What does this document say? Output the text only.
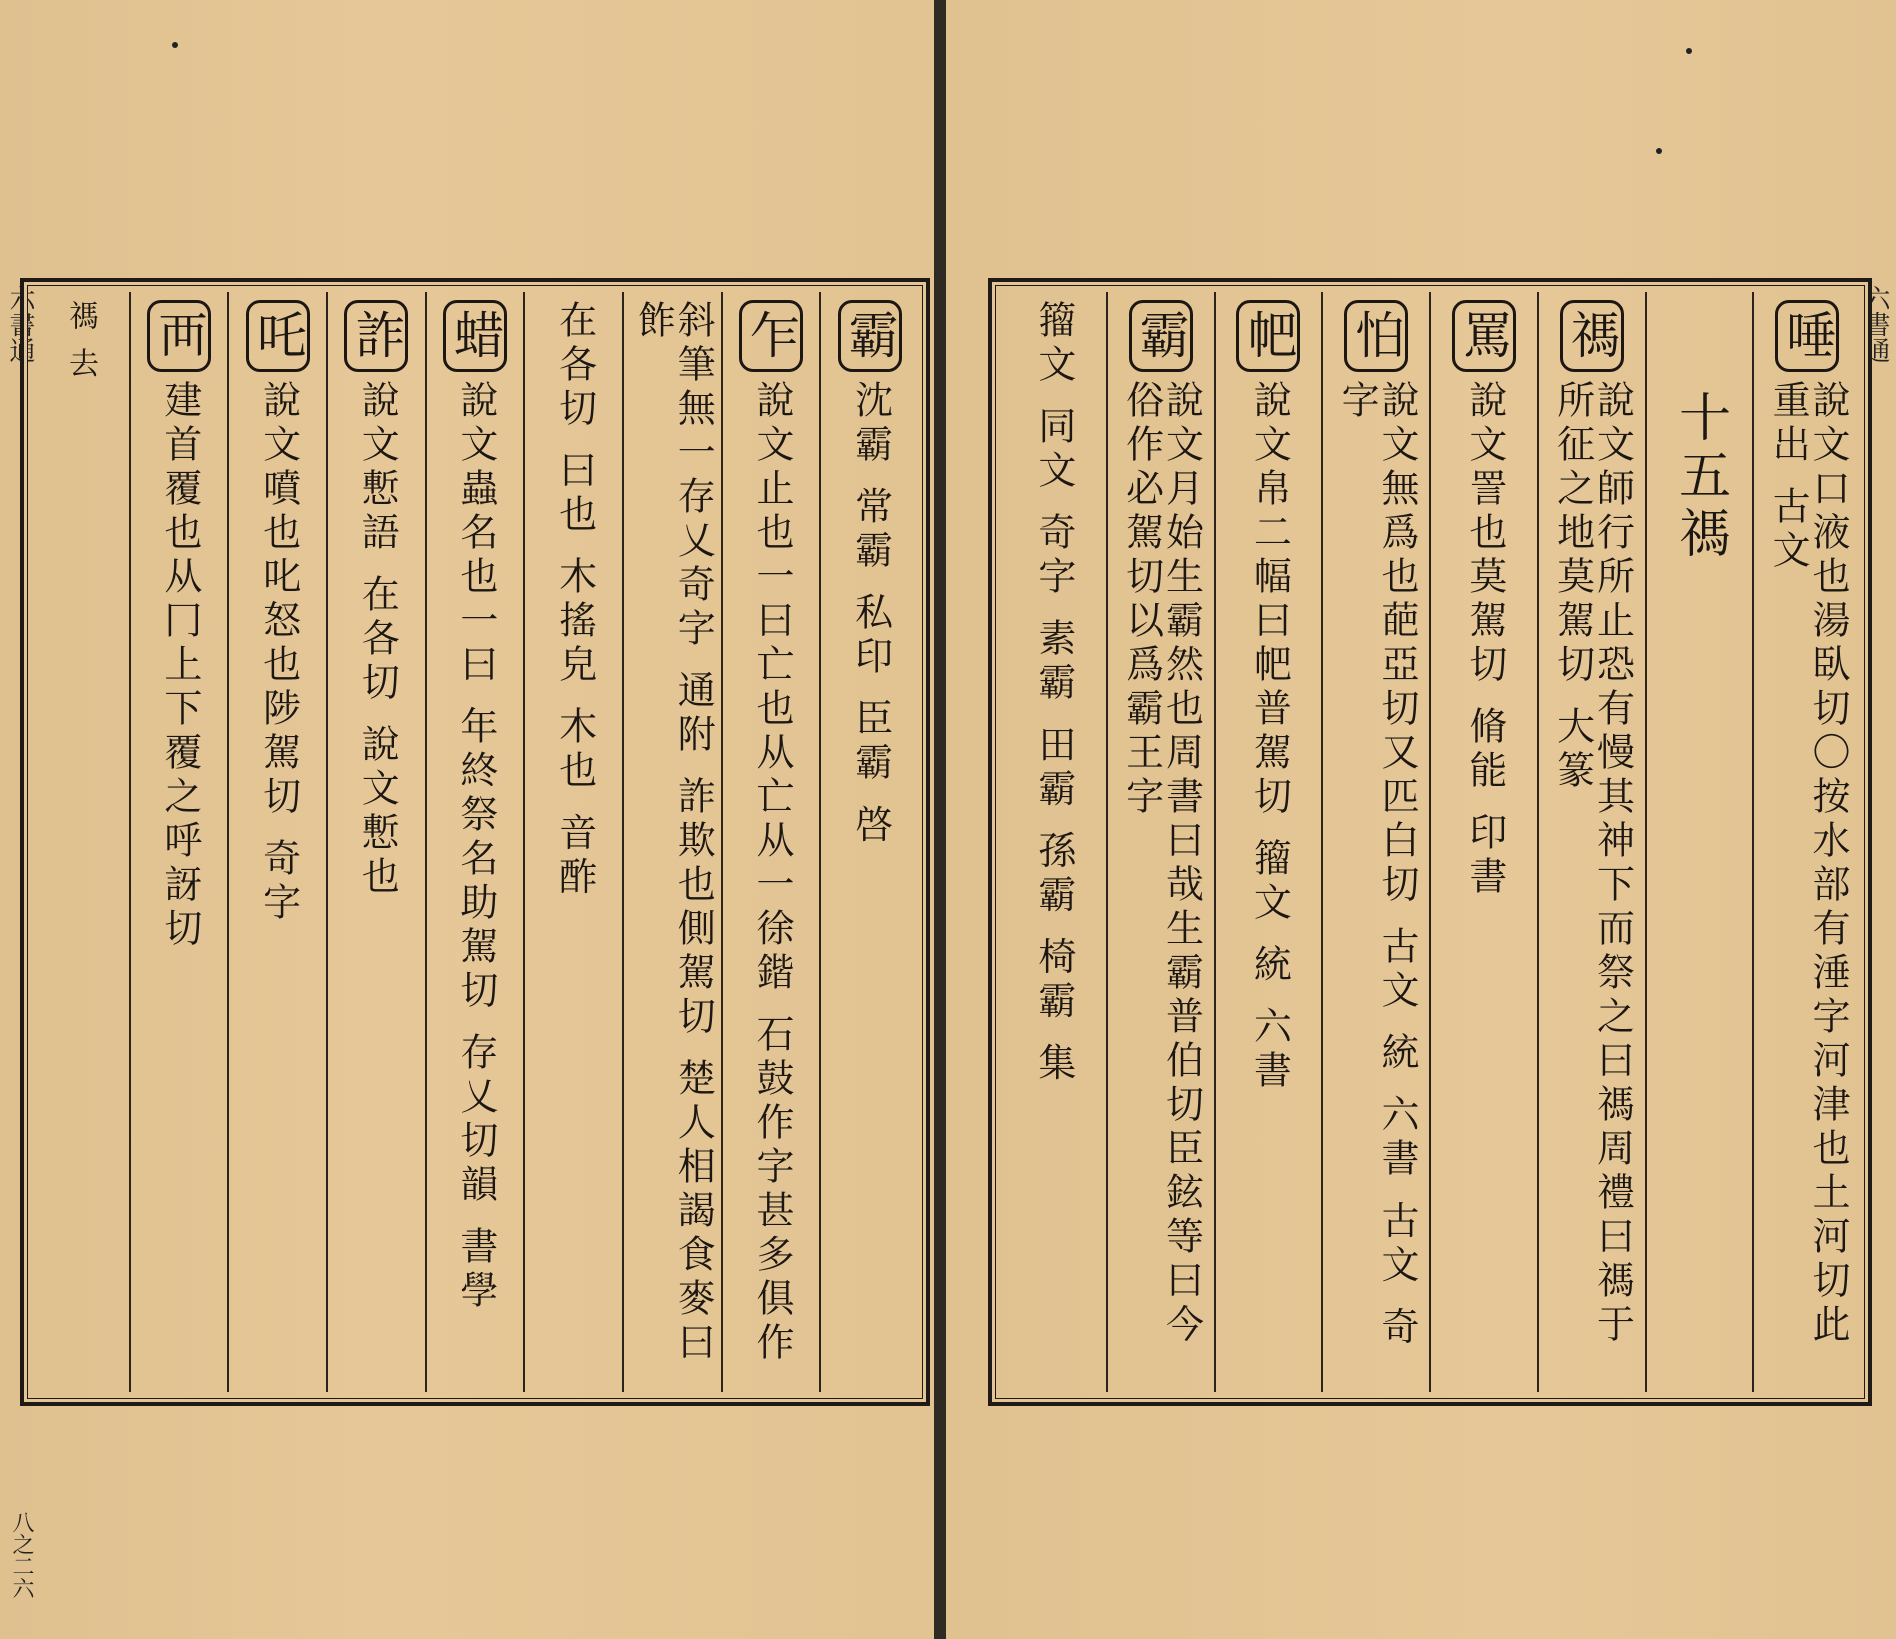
六書通
八之二六
霸
沈霸 常霸 私印 臣霸 啓
乍
說文止也一曰亡也从亡从一徐鍇 石鼓作字甚多俱作
斜筆無一存乂奇字 通附 詐欺也側駕切 楚人相謁食麥曰飵
在各切 曰也 木搖皃 木也 音酢
蜡
說文蟲名也一曰 年終祭名助駕切 存乂切韻 書學
詐
說文慙語 在各切 說文慙也
吒
說文噴也叱怒也陟駕切 奇字
襾
建首覆也从冂上下覆之呼訝切
禡 去	六書通
唾
說文口液也湯臥切〇按水部有涶字河津也土河切此重出 古文
十五禡
禡
說文師行所止恐有慢其神下而祭之曰禡周禮曰禡于所征之地莫駕切 大篆
罵
說文詈也莫駕切 脩能 印書
怕
說文無爲也葩亞切又匹白切 古文 統 六書 古文 奇字
帊
說文帛二幅曰帊普駕切 籀文 統 六書
霸
說文月始生霸然也周書曰哉生霸普伯切臣鉉等曰今俗作必駕切以爲霸王字
籀文 同文 奇字 素霸 田霸 孫霸 椅霸 集
